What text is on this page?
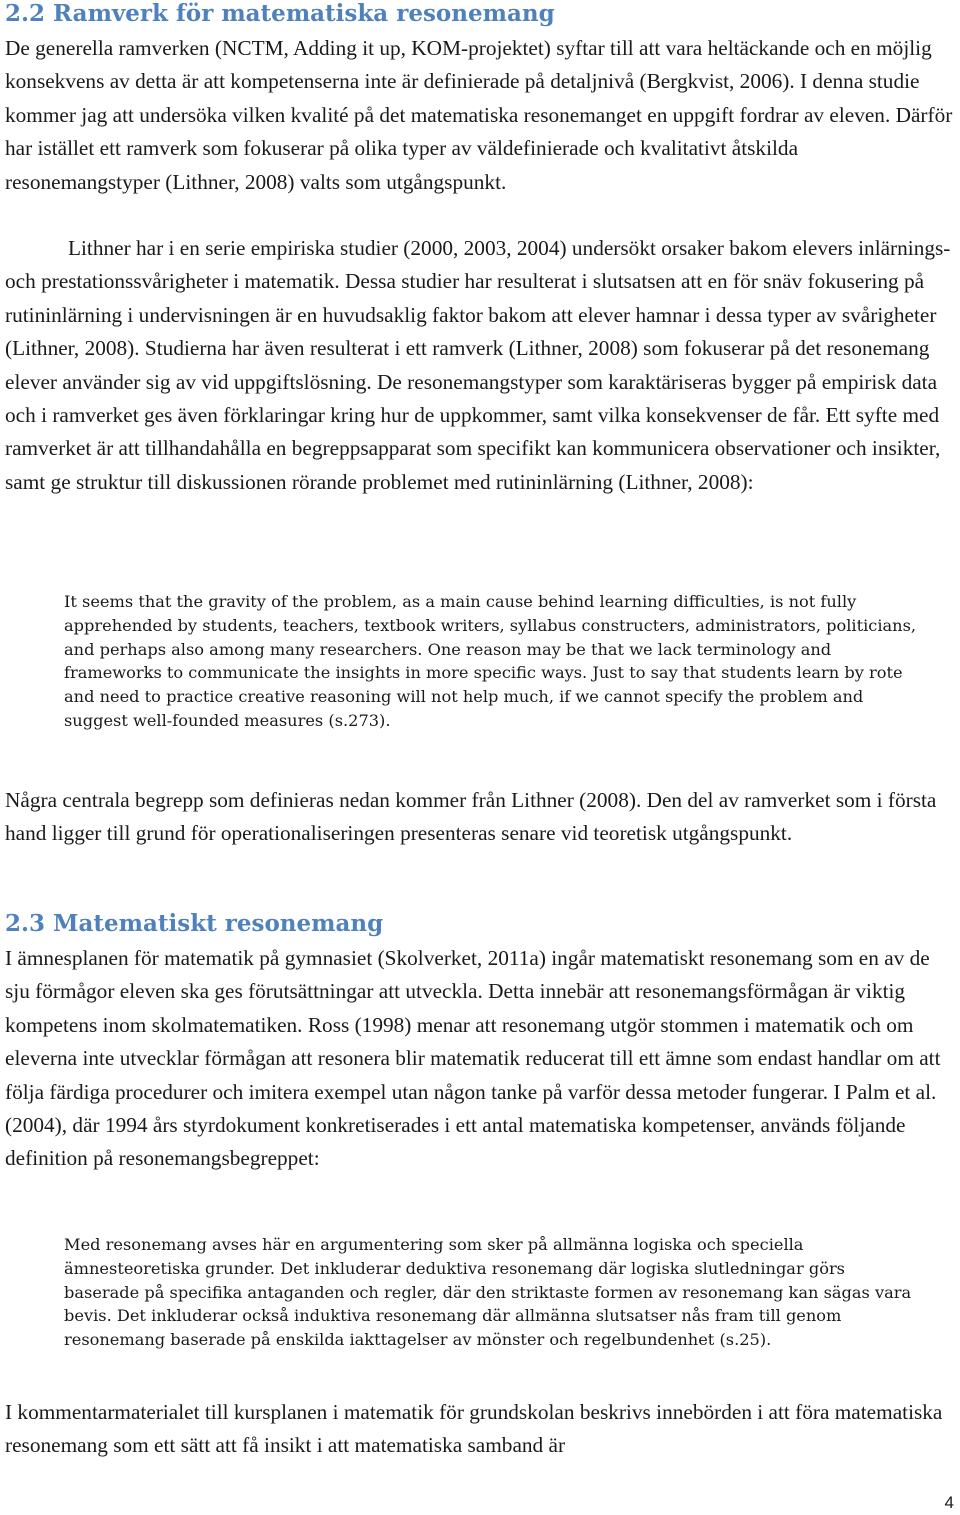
2.2 Ramverk för matematiska resonemang

De generella ramverken (NCTM, Adding it up, KOM-projektet) syftar till att vara heltäckande och en möjlig konsekvens av detta är att kompetenserna inte är definierade på detaljnivå (Bergkvist, 2006). I denna studie kommer jag att undersöka vilken kvalité på det matematiska resonemanget en uppgift fordrar av eleven. Därför har istället ett ramverk som fokuserar på olika typer av väldefinierade och kvalitativt åtskilda resonemangstyper (Lithner, 2008) valts som utgångspunkt.

Lithner har i en serie empiriska studier (2000, 2003, 2004) undersökt orsaker bakom elevers inlärnings- och prestationssvårigheter i matematik. Dessa studier har resulterat i slutsatsen att en för snäv fokusering på rutininlärning i undervisningen är en huvudsaklig faktor bakom att elever hamnar i dessa typer av svårigheter (Lithner, 2008). Studierna har även resulterat i ett ramverk (Lithner, 2008) som fokuserar på det resonemang elever använder sig av vid uppgiftslösning. De resonemangstyper som karaktäriseras bygger på empirisk data och i ramverket ges även förklaringar kring hur de uppkommer, samt vilka konsekvenser de får. Ett syfte med ramverket är att tillhandahålla en begreppsapparat som specifikt kan kommunicera observationer och insikter, samt ge struktur till diskussionen rörande problemet med rutininlärning (Lithner, 2008):

It seems that the gravity of the problem, as a main cause behind learning difficulties, is not fully apprehended by students, teachers, textbook writers, syllabus constructers, administrators, politicians, and perhaps also among many researchers. One reason may be that we lack terminology and frameworks to communicate the insights in more specific ways. Just to say that students learn by rote and need to practice creative reasoning will not help much, if we cannot specify the problem and suggest well-founded measures (s.273).

Några centrala begrepp som definieras nedan kommer från Lithner (2008). Den del av ramverket som i första hand ligger till grund för operationaliseringen presenteras senare vid teoretisk utgångspunkt.

2.3 Matematiskt resonemang

I ämnesplanen för matematik på gymnasiet (Skolverket, 2011a) ingår matematiskt resonemang som en av de sju förmågor eleven ska ges förutsättningar att utveckla. Detta innebär att resonemangsförmågan är viktig kompetens inom skolmatematiken. Ross (1998) menar att resonemang utgör stommen i matematik och om eleverna inte utvecklar förmågan att resonera blir matematik reducerat till ett ämne som endast handlar om att följa färdiga procedurer och imitera exempel utan någon tanke på varför dessa metoder fungerar. I Palm et al. (2004), där 1994 års styrdokument konkretiserades i ett antal matematiska kompetenser, används följande definition på resonemangsbegreppet:

Med resonemang avses här en argumentering som sker på allmänna logiska och speciella ämnesteoretiska grunder. Det inkluderar deduktiva resonemang där logiska slutledningar görs baserade på specifika antaganden och regler, där den striktaste formen av resonemang kan sägas vara bevis. Det inkluderar också induktiva resonemang där allmänna slutsatser nås fram till genom resonemang baserade på enskilda iakttagelser av mönster och regelbundenhet (s.25).

I kommentarmaterialet till kursplanen i matematik för grundskolan beskrivs innebörden i att föra matematiska resonemang som ett sätt att få insikt i att matematiska samband är

4
